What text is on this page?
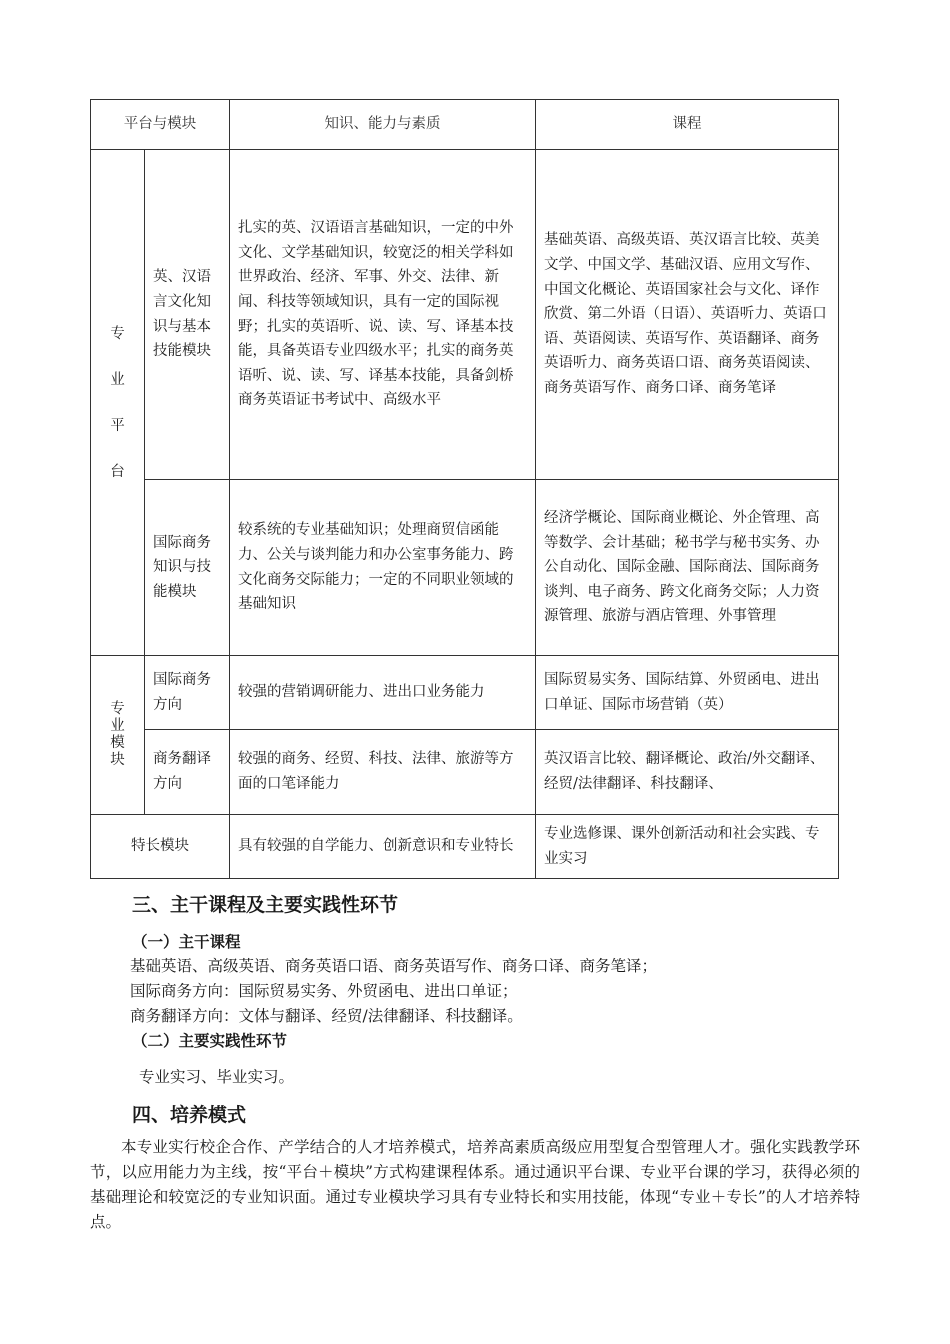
平台与模块		知识、能力与素质	课程

专
业
平
台	英、汉语言文化知识与基本技能模块	扎实的英、汉语语言基础知识，一定的中外文化、文学基础知识，较宽泛的相关学科如世界政治、经济、军事、外交、法律、新闻、科技等领域知识，具有一定的国际视野；扎实的英语听、说、读、写、译基本技能，具备英语专业四级水平；扎实的商务英语听、说、读、写、译基本技能，具备剑桥商务英语证书考试中、高级水平	基础英语、高级英语、英汉语言比较、英美文学、中国文学、基础汉语、应用文写作、中国文化概论、英语国家社会与文化、译作欣赏、第二外语（日语）、英语听力、英语口语、英语阅读、英语写作、英语翻译、商务英语听力、商务英语口语、商务英语阅读、商务英语写作、商务口译、商务笔译
	国际商务知识与技能模块	较系统的专业基础知识；处理商贸信函能力、公关与谈判能力和办公室事务能力、跨文化商务交际能力；一定的不同职业领域的基础知识	经济学概论、国际商业概论、外企管理、高等数学、会计基础；秘书学与秘书实务、办公自动化、国际金融、国际商法、国际商务谈判、电子商务、跨文化商务交际；人力资源管理、旅游与酒店管理、外事管理

专
业
模
块	国际商务方向	较强的营销调研能力、进出口业务能力	国际贸易实务、国际结算、外贸函电、进出口单证、国际市场营销（英）
	商务翻译方向	较强的商务、经贸、科技、法律、旅游等方面的口笔译能力	英汉语言比较、翻译概论、政治/外交翻译、经贸/法律翻译、科技翻译、
特长模块		具有较强的自学能力、创新意识和专业特长	专业选修课、课外创新活动和社会实践、专业实习
三、主干课程及主要实践性环节
（一）主干课程
基础英语、高级英语、商务英语口语、商务英语写作、商务口译、商务笔译；
国际商务方向：国际贸易实务、外贸函电、进出口单证；
商务翻译方向：文体与翻译、经贸/法律翻译、科技翻译。
（二）主要实践性环节
专业实习、毕业实习。
四、培养模式
本专业实行校企合作、产学结合的人才培养模式，培养高素质高级应用型复合型管理人才。强化实践教学环节，以应用能力为主线，按“平台＋模块”方式构建课程体系。通过通识平台课、专业平台课的学习，获得必须的基础理论和较宽泛的专业知识面。通过专业模块学习具有专业特长和实用技能，体现“专业＋专长”的人才培养特点。
